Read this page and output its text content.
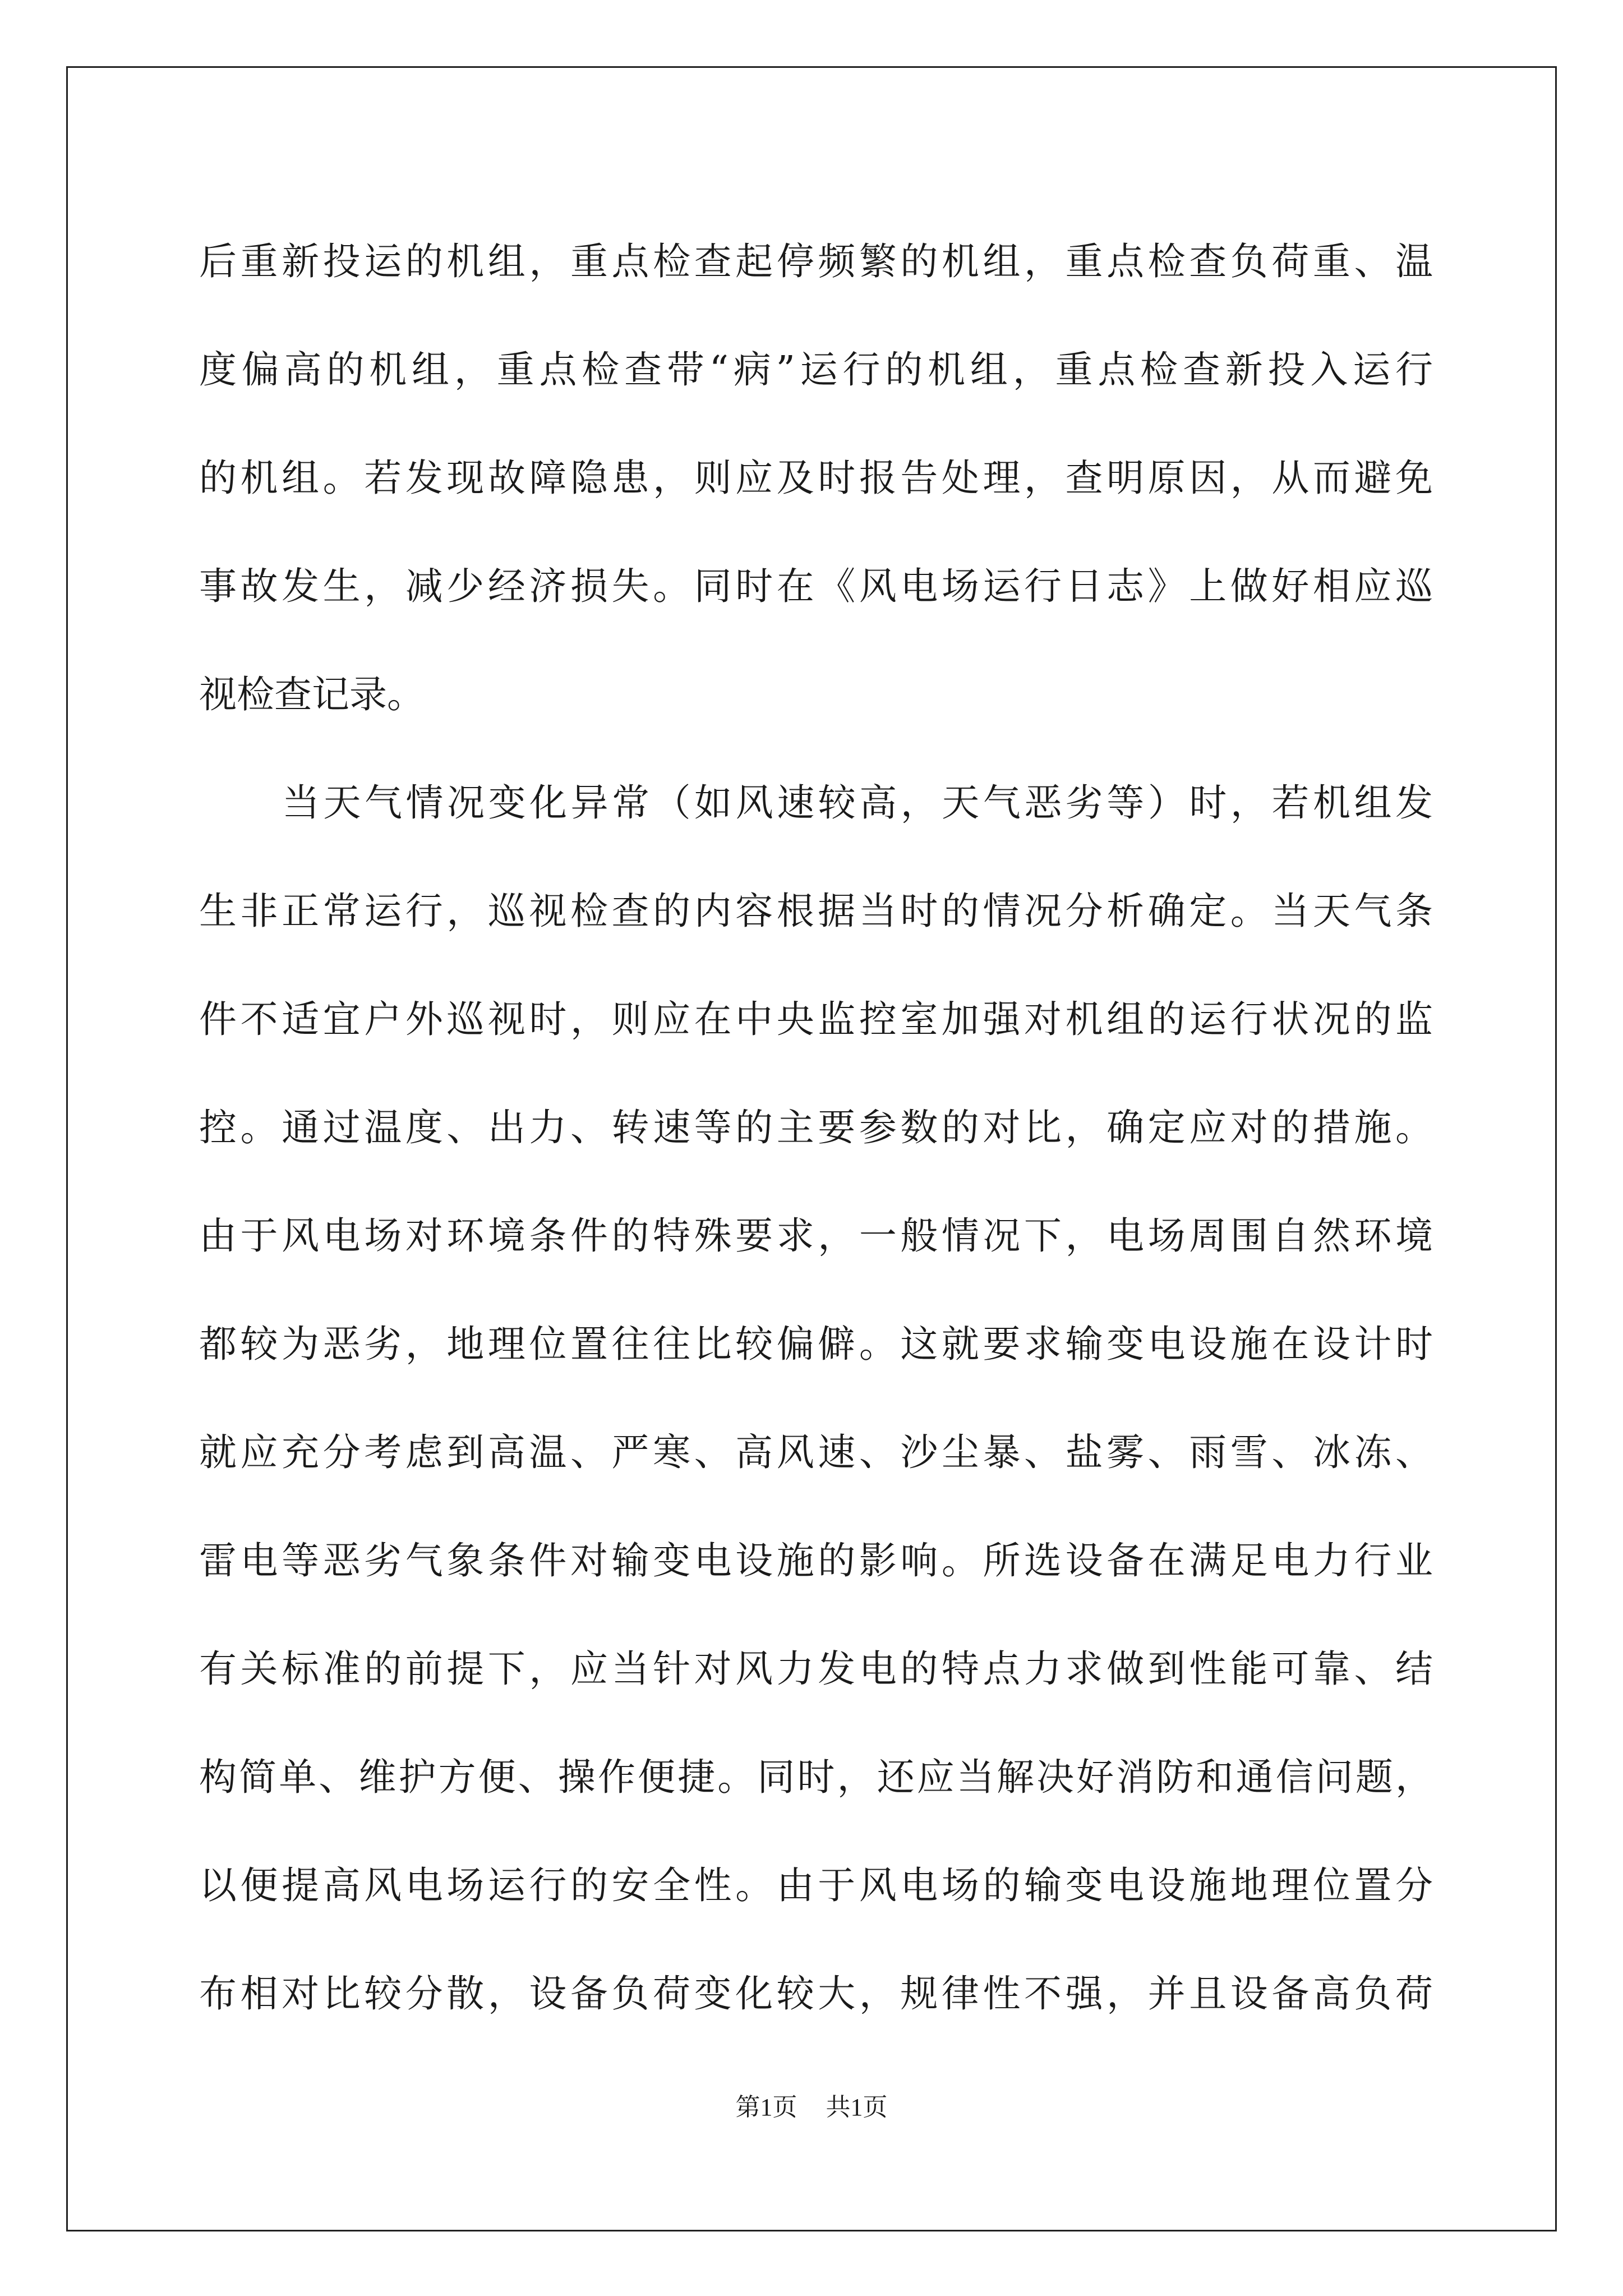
后重新投运的机组，重点检查起停频繁的机组，重点检查负荷重、温
度偏高的机组，重点检查带“病”运行的机组，重点检查新投入运行
的机组。若发现故障隐患，则应及时报告处理，查明原因，从而避免
事故发生，减少经济损失。同时在《风电场运行日志》上做好相应巡
视检查记录。
当天气情况变化异常（如风速较高，天气恶劣等）时，若机组发
生非正常运行，巡视检查的内容根据当时的情况分析确定。当天气条
件不适宜户外巡视时，则应在中央监控室加强对机组的运行状况的监
控。通过温度、出力、转速等的主要参数的对比，确定应对的措施。
由于风电场对环境条件的特殊要求，一般情况下，电场周围自然环境
都较为恶劣，地理位置往往比较偏僻。这就要求输变电设施在设计时
就应充分考虑到高温、严寒、高风速、沙尘暴、盐雾、雨雪、冰冻、
雷电等恶劣气象条件对输变电设施的影响。所选设备在满足电力行业
有关标准的前提下，应当针对风力发电的特点力求做到性能可靠、结
构简单、维护方便、操作便捷。同时，还应当解决好消防和通信问题，
以便提高风电场运行的安全性。由于风电场的输变电设施地理位置分
布相对比较分散，设备负荷变化较大，规律性不强，并且设备高负荷
第1页 共1页
